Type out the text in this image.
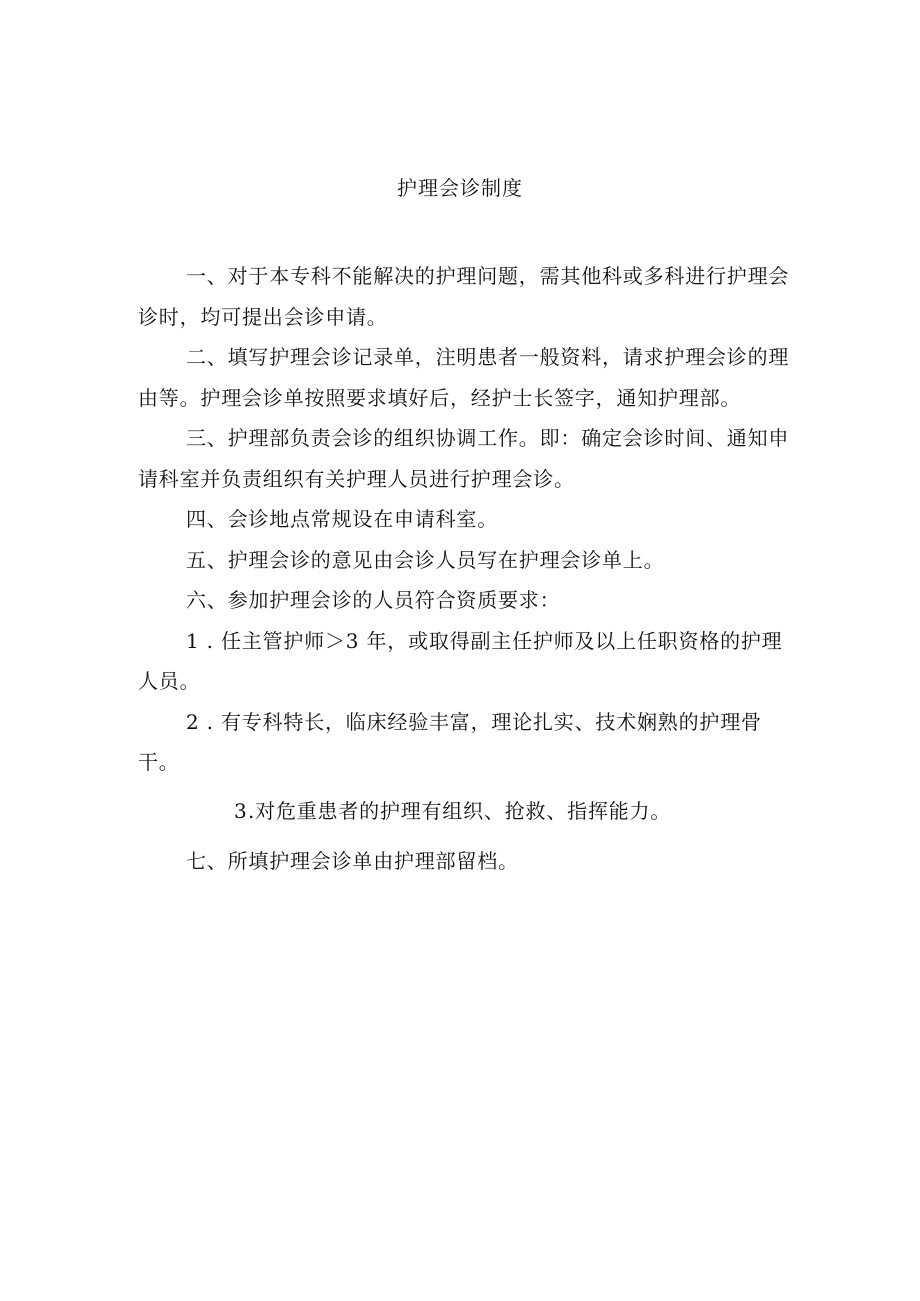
护理会诊制度

一、对于本专科不能解决的护理问题，需其他科或多科进行护理会诊时，均可提出会诊申请。

二、填写护理会诊记录单，注明患者一般资料，请求护理会诊的理由等。护理会诊单按照要求填好后，经护士长签字，通知护理部。

三、护理部负责会诊的组织协调工作。即：确定会诊时间、通知申请科室并负责组织有关护理人员进行护理会诊。

四、会诊地点常规设在申请科室。

五、护理会诊的意见由会诊人员写在护理会诊单上。

六、参加护理会诊的人员符合资质要求：

1 . 任主管护师＞3 年，或取得副主任护师及以上任职资格的护理人员。

2 . 有专科特长，临床经验丰富，理论扎实、技术娴熟的护理骨干。

3.对危重患者的护理有组织、抢救、指挥能力。

七、所填护理会诊单由护理部留档。
